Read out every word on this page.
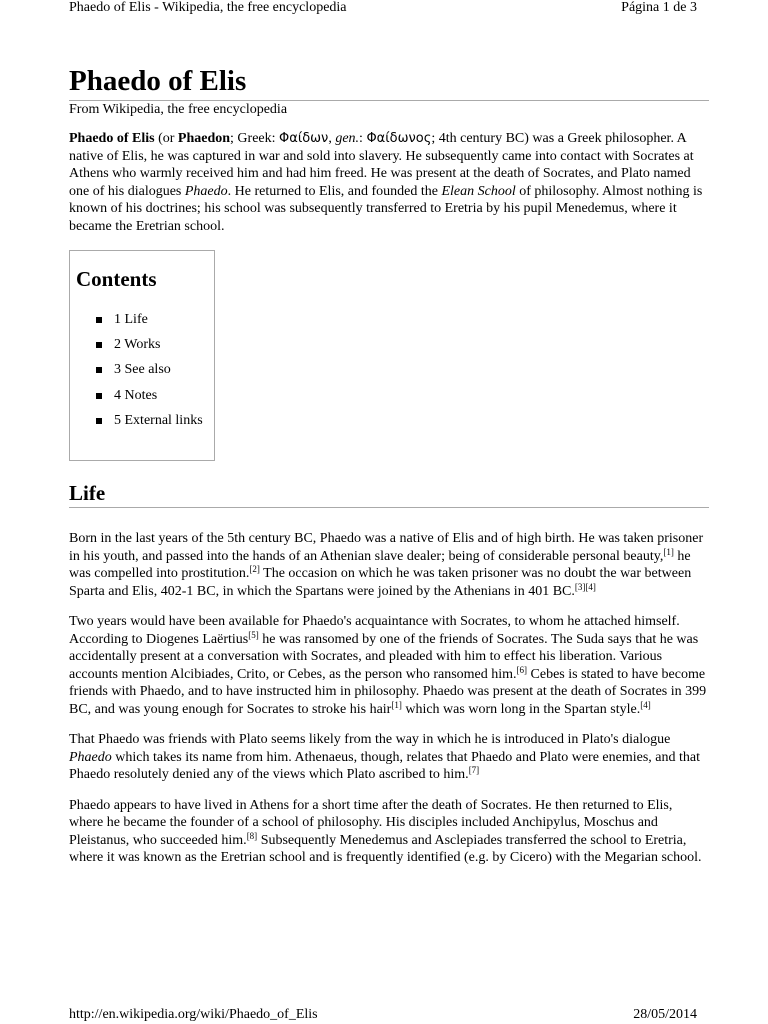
Phaedo of Elis - Wikipedia, the free encyclopedia	Página 1 de 3
Phaedo of Elis
From Wikipedia, the free encyclopedia

Phaedo of Elis (or Phaedon; Greek: Φαίδων, gen.: Φαίδωνος; 4th century BC) was a Greek philosopher. A native of Elis, he was captured in war and sold into slavery. He subsequently came into contact with Socrates at Athens who warmly received him and had him freed. He was present at the death of Socrates, and Plato named one of his dialogues Phaedo. He returned to Elis, and founded the Elean School of philosophy. Almost nothing is known of his doctrines; his school was subsequently transferred to Eretria by his pupil Menedemus, where it became the Eretrian school.

Contents
1 Life
2 Works
3 See also
4 Notes
5 External links
Life

Born in the last years of the 5th century BC, Phaedo was a native of Elis and of high birth. He was taken prisoner in his youth, and passed into the hands of an Athenian slave dealer; being of considerable personal beauty,[1] he was compelled into prostitution.[2] The occasion on which he was taken prisoner was no doubt the war between Sparta and Elis, 402-1 BC, in which the Spartans were joined by the Athenians in 401 BC.[3][4]

Two years would have been available for Phaedo's acquaintance with Socrates, to whom he attached himself. According to Diogenes Laërtius[5] he was ransomed by one of the friends of Socrates. The Suda says that he was accidentally present at a conversation with Socrates, and pleaded with him to effect his liberation. Various accounts mention Alcibiades, Crito, or Cebes, as the person who ransomed him.[6] Cebes is stated to have become friends with Phaedo, and to have instructed him in philosophy. Phaedo was present at the death of Socrates in 399 BC, and was young enough for Socrates to stroke his hair[1] which was worn long in the Spartan style.[4]

That Phaedo was friends with Plato seems likely from the way in which he is introduced in Plato's dialogue Phaedo which takes its name from him. Athenaeus, though, relates that Phaedo and Plato were enemies, and that Phaedo resolutely denied any of the views which Plato ascribed to him.[7]

Phaedo appears to have lived in Athens for a short time after the death of Socrates. He then returned to Elis, where he became the founder of a school of philosophy. His disciples included Anchipylus, Moschus and Pleistanus, who succeeded him.[8] Subsequently Menedemus and Asclepiades transferred the school to Eretria, where it was known as the Eretrian school and is frequently identified (e.g. by Cicero) with the Megarian school.

http://en.wikipedia.org/wiki/Phaedo_of_Elis	28/05/2014
